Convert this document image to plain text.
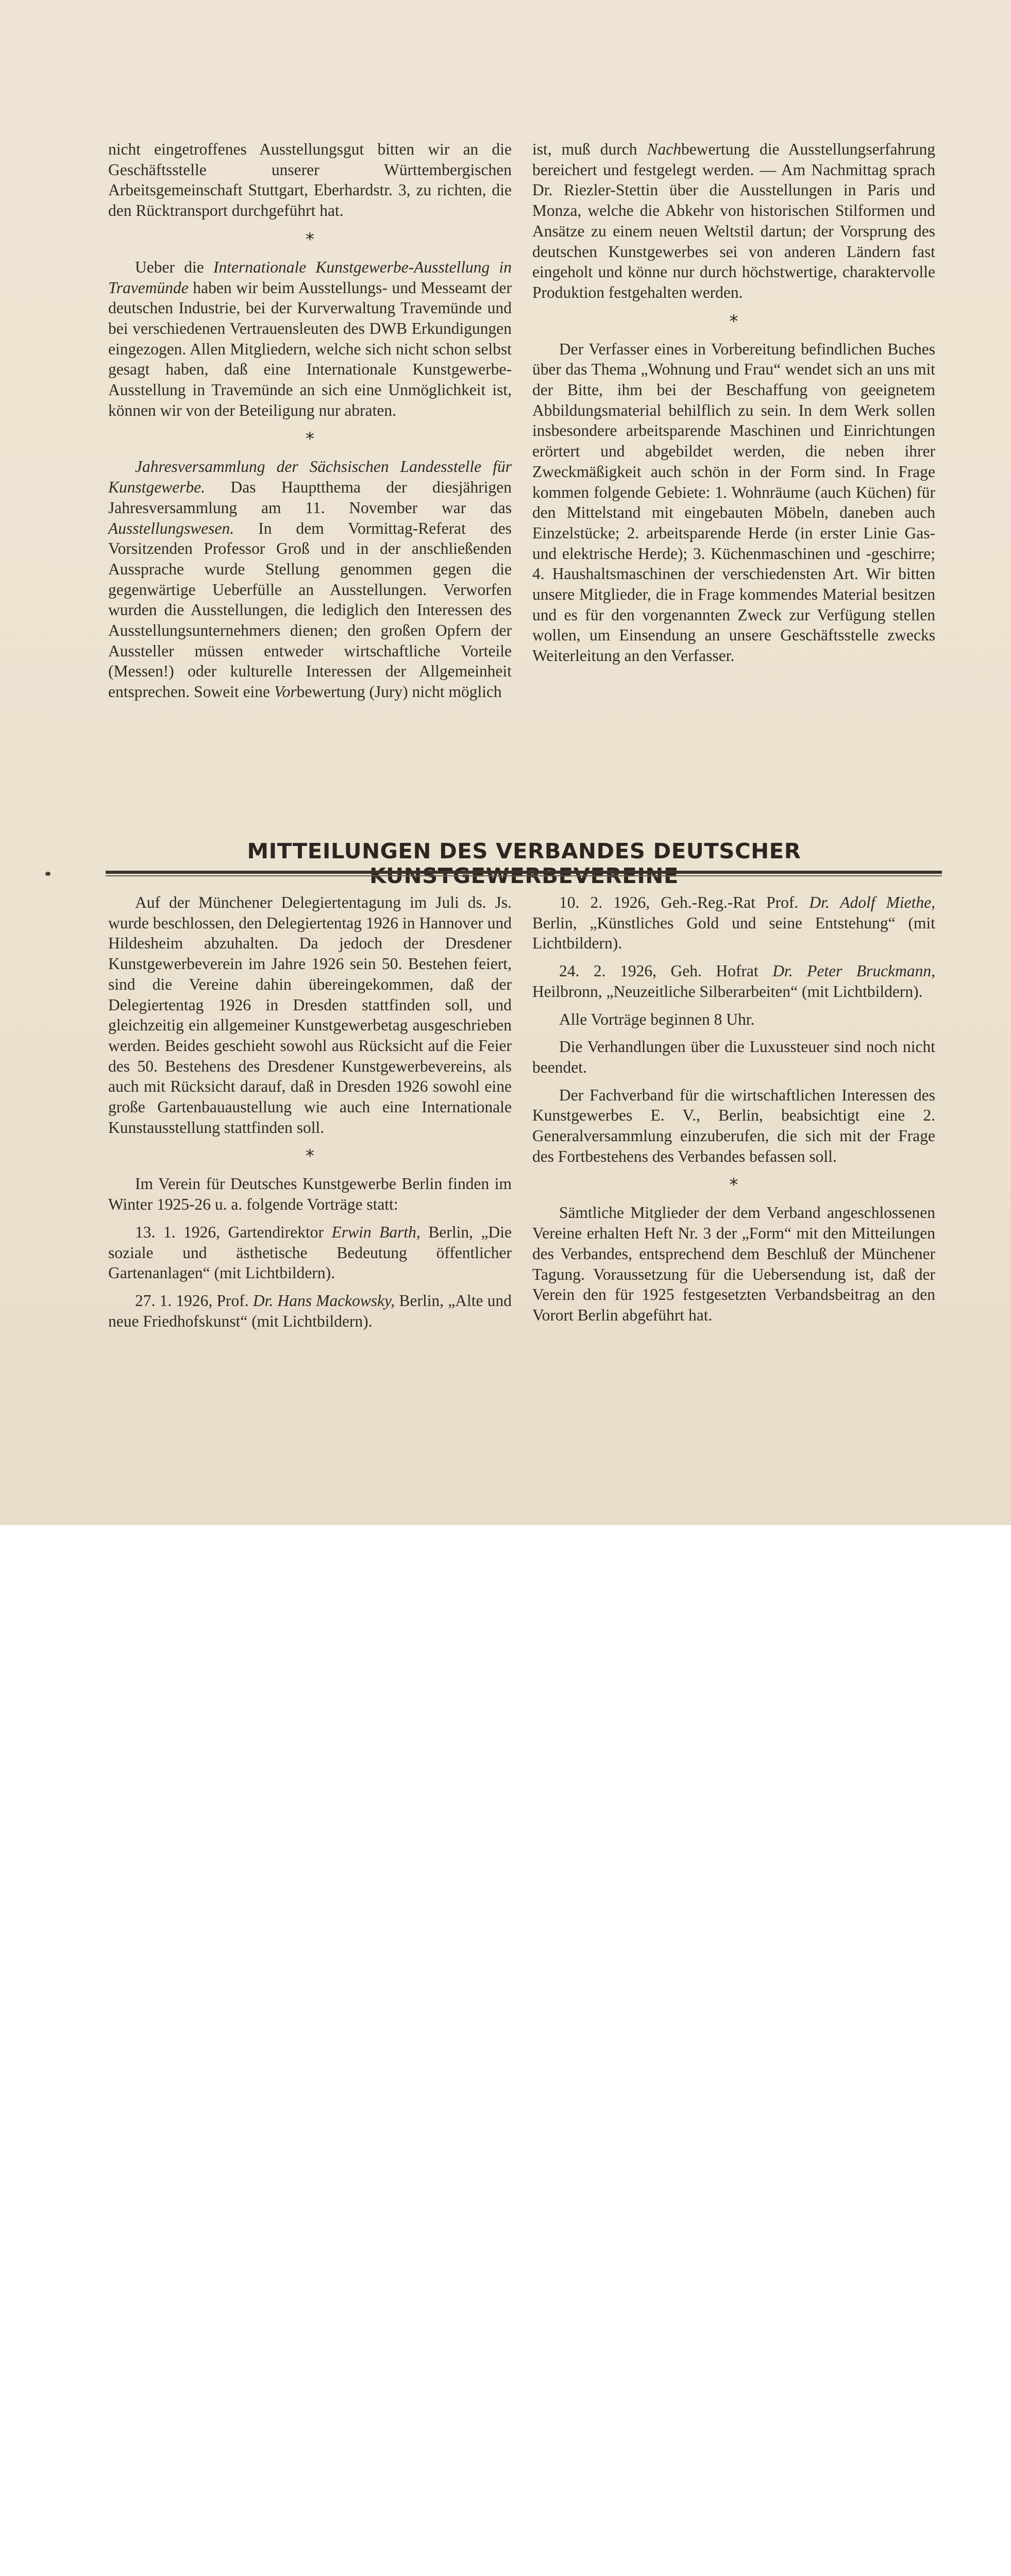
nicht eingetroffenes Ausstellungsgut bitten wir an die Geschäftsstelle unserer Württembergischen Arbeitsgemeinschaft Stuttgart, Eberhardstr. 3, zu richten, die den Rücktransport durchgeführt hat.

*

Ueber die Internationale Kunstgewerbe-Ausstellung in Travemünde haben wir beim Ausstellungs- und Messeamt der deutschen Industrie, bei der Kurverwaltung Travemünde und bei verschiedenen Vertrauensleuten des DWB Erkundigungen eingezogen. Allen Mitgliedern, welche sich nicht schon selbst gesagt haben, daß eine Internationale Kunstgewerbe-Ausstellung in Travemünde an sich eine Unmöglichkeit ist, können wir von der Beteiligung nur abraten.

*

Jahresversammlung der Sächsischen Landesstelle für Kunstgewerbe. Das Hauptthema der diesjährigen Jahresversammlung am 11. November war das Ausstellungswesen. In dem Vormittag-Referat des Vorsitzenden Professor Groß und in der anschließenden Aussprache wurde Stellung genommen gegen die gegenwärtige Ueberfülle an Ausstellungen. Verworfen wurden die Ausstellungen, die lediglich den Interessen des Ausstellungsunternehmers dienen; den großen Opfern der Aussteller müssen entweder wirtschaftliche Vorteile (Messen!) oder kulturelle Interessen der Allgemeinheit entsprechen. Soweit eine Vorbewertung (Jury) nicht möglich

ist, muß durch Nachbewertung die Ausstellungserfahrung bereichert und festgelegt werden. — Am Nachmittag sprach Dr. Riezler-Stettin über die Ausstellungen in Paris und Monza, welche die Abkehr von historischen Stilformen und Ansätze zu einem neuen Weltstil dartun; der Vorsprung des deutschen Kunstgewerbes sei von anderen Ländern fast eingeholt und könne nur durch höchstwertige, charaktervolle Produktion festgehalten werden.

*

Der Verfasser eines in Vorbereitung befindlichen Buches über das Thema „Wohnung und Frau“ wendet sich an uns mit der Bitte, ihm bei der Beschaffung von geeignetem Abbildungsmaterial behilflich zu sein. In dem Werk sollen insbesondere arbeitsparende Maschinen und Einrichtungen erörtert und abgebildet werden, die neben ihrer Zweckmäßigkeit auch schön in der Form sind. In Frage kommen folgende Gebiete: 1. Wohnräume (auch Küchen) für den Mittelstand mit eingebauten Möbeln, daneben auch Einzelstücke; 2. arbeitsparende Herde (in erster Linie Gas- und elektrische Herde); 3. Küchenmaschinen und -geschirre; 4. Haushaltsmaschinen der verschiedensten Art. Wir bitten unsere Mitglieder, die in Frage kommendes Material besitzen und es für den vorgenannten Zweck zur Verfügung stellen wollen, um Einsendung an unsere Geschäftsstelle zwecks Weiterleitung an den Verfasser.

MITTEILUNGEN DES VERBANDES DEUTSCHER

Auf der Münchener Delegiertentagung im Juli ds. Js. wurde beschlossen, den Delegiertentag 1926 in Hannover und Hildesheim abzuhalten. Da jedoch der Dresdener Kunstgewerbeverein im Jahre 1926 sein 50. Bestehen feiert, sind die Vereine dahin übereingekommen, daß der Delegiertentag 1926 in Dresden stattfinden soll, und gleichzeitig ein allgemeiner Kunstgewerbetag ausgeschrieben werden. Beides geschieht sowohl aus Rücksicht auf die Feier des 50. Bestehens des Dresdener Kunstgewerbevereins, als auch mit Rücksicht darauf, daß in Dresden 1926 sowohl eine große Gartenbauaustellung wie auch eine Internationale Kunstausstellung stattfinden soll.

*

Im Verein für Deutsches Kunstgewerbe Berlin finden im Winter 1925-26 u. a. folgende Vorträge statt:

13. 1. 1926, Gartendirektor Erwin Barth, Berlin, „Die soziale und ästhetische Bedeutung öffentlicher Gartenanlagen“ (mit Lichtbildern).

27. 1. 1926, Prof. Dr. Hans Mackowsky, Berlin, „Alte und neue Friedhofskunst“ (mit Lichtbildern).

10. 2. 1926, Geh.-Reg.-Rat Prof. Dr. Adolf Miethe, Berlin, „Künstliches Gold und seine Entstehung“ (mit Lichtbildern).

24. 2. 1926, Geh. Hofrat Dr. Peter Bruckmann, Heilbronn, „Neuzeitliche Silberarbeiten“ (mit Lichtbildern).

Alle Vorträge beginnen 8 Uhr.

Die Verhandlungen über die Luxussteuer sind noch nicht beendet.

Der Fachverband für die wirtschaftlichen Interessen des Kunstgewerbes E. V., Berlin, beabsichtigt eine 2. Generalversammlung einzuberufen, die sich mit der Frage des Fortbestehens des Verbandes befassen soll.

*

Sämtliche Mitglieder der dem Verband angeschlossenen Vereine erhalten Heft Nr. 3 der „Form“ mit den Mitteilungen des Verbandes, entsprechend dem Beschluß der Münchener Tagung. Voraussetzung für die Uebersendung ist, daß der Verein den für 1925 festgesetzten Verbandsbeitrag an den Vorort Berlin abgeführt hat.
